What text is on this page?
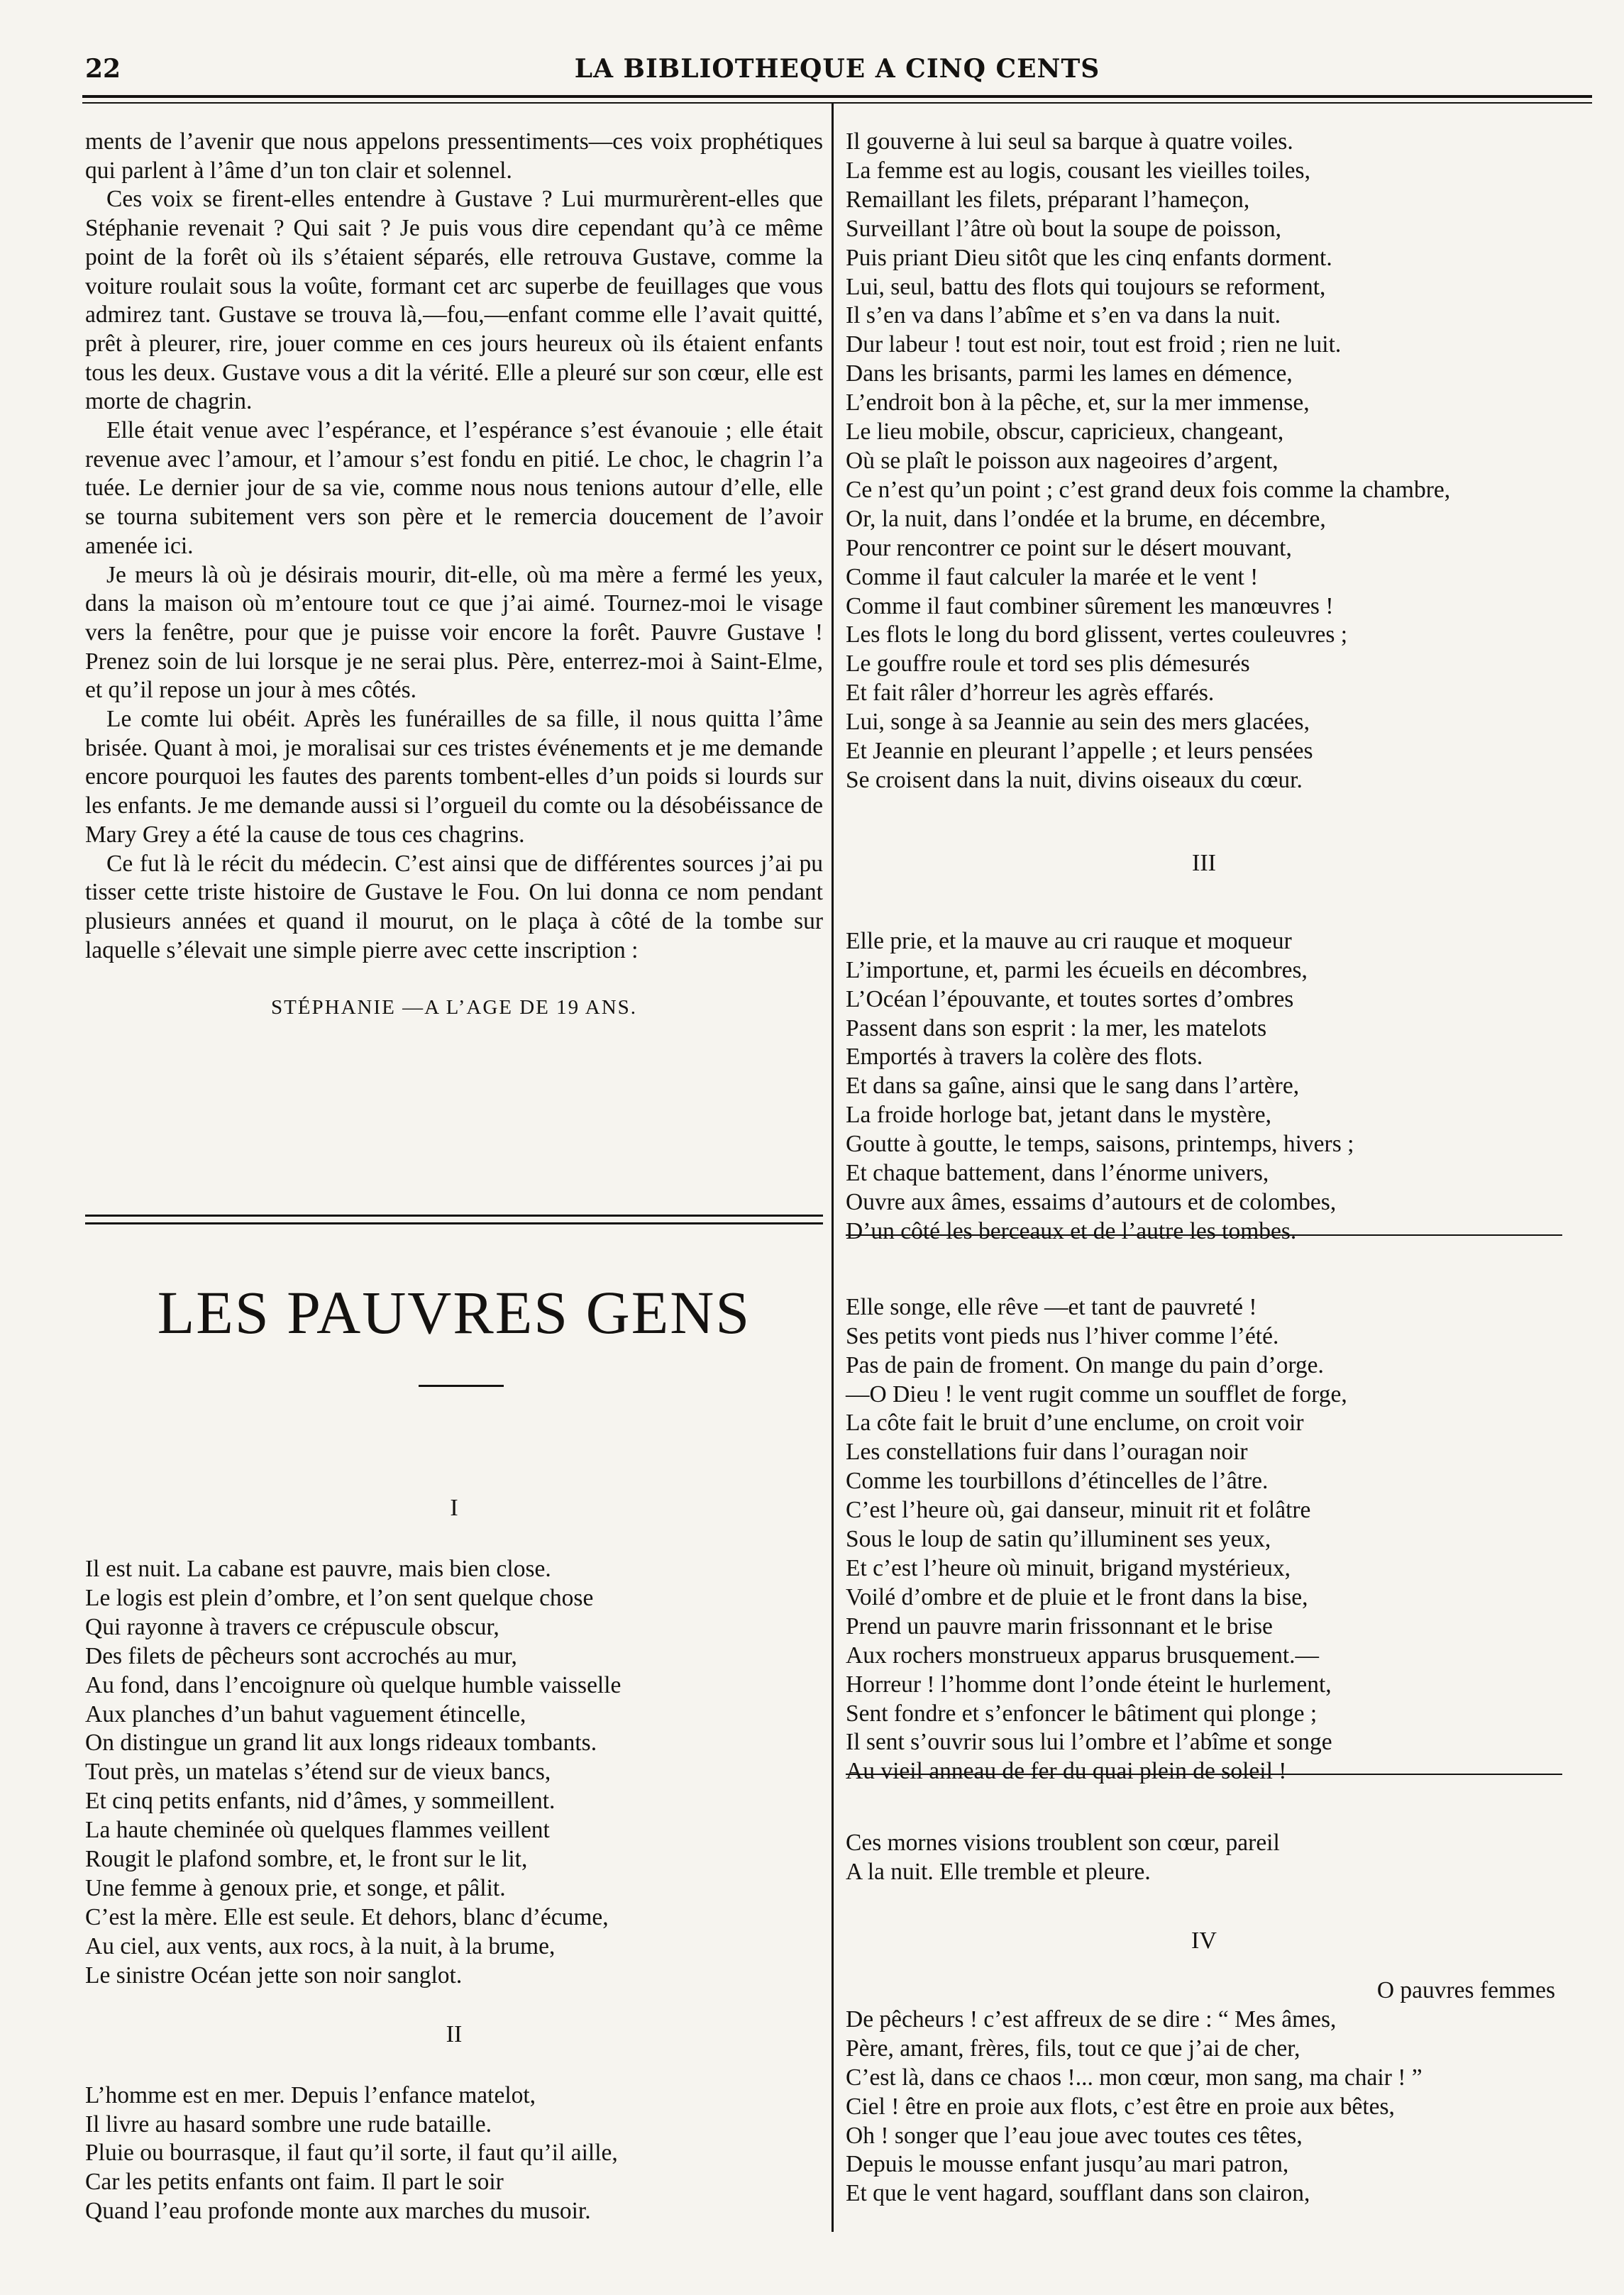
22	LA BIBLIOTHEQUE A CINQ CENTS

ments de l’avenir que nous appelons pressentiments—ces voix prophétiques qui parlent à l’âme d’un ton clair et solennel.

Ces voix se firent-elles entendre à Gustave ? Lui murmurèrent-elles que Stéphanie revenait ? Qui sait ? Je puis vous dire cependant qu’à ce même point de la forêt où ils s’étaient séparés, elle retrouva Gustave, comme la voiture roulait sous la voûte, formant cet arc superbe de feuillages que vous admirez tant. Gustave se trouva là,—fou,—enfant comme elle l’avait quitté, prêt à pleurer, rire, jouer comme en ces jours heureux où ils étaient enfants tous les deux. Gustave vous a dit la vérité. Elle a pleuré sur son cœur, elle est morte de chagrin.

Elle était venue avec l’espérance, et l’espérance s’est évanouie ; elle était revenue avec l’amour, et l’amour s’est fondu en pitié. Le choc, le chagrin l’a tuée. Le dernier jour de sa vie, comme nous nous tenions autour d’elle, elle se tourna subitement vers son père et le remercia doucement de l’avoir amenée ici.

Je meurs là où je désirais mourir, dit-elle, où ma mère a fermé les yeux, dans la maison où m’entoure tout ce que j’ai aimé. Tournez-moi le visage vers la fenêtre, pour que je puisse voir encore la forêt. Pauvre Gustave ! Prenez soin de lui lorsque je ne serai plus. Père, enterrez-moi à Saint-Elme, et qu’il repose un jour à mes côtés.

Le comte lui obéit. Après les funérailles de sa fille, il nous quitta l’âme brisée. Quant à moi, je moralisai sur ces tristes événements et je me demande encore pourquoi les fautes des parents tombent-elles d’un poids si lourds sur les enfants. Je me demande aussi si l’orgueil du comte ou la désobéissance de Mary Grey a été la cause de tous ces chagrins.

Ce fut là le récit du médecin. C’est ainsi que de différentes sources j’ai pu tisser cette triste histoire de Gustave le Fou. On lui donna ce nom pendant plusieurs années et quand il mourut, on le plaça à côté de la tombe sur laquelle s’élevait une simple pierre avec cette inscription :

STÉPHANIE —A L’AGE DE 19 ANS.
LES PAUVRES GENS
I
Il est nuit. La cabane est pauvre, mais bien close.
Le logis est plein d’ombre, et l’on sent quelque chose
Qui rayonne à travers ce crépuscule obscur,
Des filets de pêcheurs sont accrochés au mur,
Au fond, dans l’encoignure où quelque humble vaisselle
Aux planches d’un bahut vaguement étincelle,
On distingue un grand lit aux longs rideaux tombants.
Tout près, un matelas s’étend sur de vieux bancs,
Et cinq petits enfants, nid d’âmes, y sommeillent.
La haute cheminée où quelques flammes veillent
Rougit le plafond sombre, et, le front sur le lit,
Une femme à genoux prie, et songe, et pâlit.
C’est la mère. Elle est seule. Et dehors, blanc d’écume,
Au ciel, aux vents, aux rocs, à la nuit, à la brume,
Le sinistre Océan jette son noir sanglot.
II
L’homme est en mer. Depuis l’enfance matelot,
Il livre au hasard sombre une rude bataille.
Pluie ou bourrasque, il faut qu’il sorte, il faut qu’il aille,
Car les petits enfants ont faim. Il part le soir
Quand l’eau profonde monte aux marches du musoir.
Il gouverne à lui seul sa barque à quatre voiles.
La femme est au logis, cousant les vieilles toiles,
Remaillant les filets, préparant l’hameçon,
Surveillant l’âtre où bout la soupe de poisson,
Puis priant Dieu sitôt que les cinq enfants dorment.
Lui, seul, battu des flots qui toujours se reforment,
Il s’en va dans l’abîme et s’en va dans la nuit.
Dur labeur ! tout est noir, tout est froid ; rien ne luit.
Dans les brisants, parmi les lames en démence,
L’endroit bon à la pêche, et, sur la mer immense,
Le lieu mobile, obscur, capricieux, changeant,
Où se plaît le poisson aux nageoires d’argent,
Ce n’est qu’un point ; c’est grand deux fois comme la chambre,
Or, la nuit, dans l’ondée et la brume, en décembre,
Pour rencontrer ce point sur le désert mouvant,
Comme il faut calculer la marée et le vent !
Comme il faut combiner sûrement les manœuvres !
Les flots le long du bord glissent, vertes couleuvres ;
Le gouffre roule et tord ses plis démesurés
Et fait râler d’horreur les agrès effarés.
Lui, songe à sa Jeannie au sein des mers glacées,
Et Jeannie en pleurant l’appelle ; et leurs pensées
Se croisent dans la nuit, divins oiseaux du cœur.
III
Elle prie, et la mauve au cri rauque et moqueur
L’importune, et, parmi les écueils en décombres,
L’Océan l’épouvante, et toutes sortes d’ombres
Passent dans son esprit : la mer, les matelots
Emportés à travers la colère des flots.
Et dans sa gaîne, ainsi que le sang dans l’artère,
La froide horloge bat, jetant dans le mystère,
Goutte à goutte, le temps, saisons, printemps, hivers ;
Et chaque battement, dans l’énorme univers,
Ouvre aux âmes, essaims d’autours et de colombes,
D’un côté les berceaux et de l’autre les tombes.
Elle songe, elle rêve —et tant de pauvreté !
Ses petits vont pieds nus l’hiver comme l’été.
Pas de pain de froment. On mange du pain d’orge.
—O Dieu ! le vent rugit comme un soufflet de forge,
La côte fait le bruit d’une enclume, on croit voir
Les constellations fuir dans l’ouragan noir
Comme les tourbillons d’étincelles de l’âtre.
C’est l’heure où, gai danseur, minuit rit et folâtre
Sous le loup de satin qu’illuminent ses yeux,
Et c’est l’heure où minuit, brigand mystérieux,
Voilé d’ombre et de pluie et le front dans la bise,
Prend un pauvre marin frissonnant et le brise
Aux rochers monstrueux apparus brusquement.—
Horreur ! l’homme dont l’onde éteint le hurlement,
Sent fondre et s’enfoncer le bâtiment qui plonge ;
Il sent s’ouvrir sous lui l’ombre et l’abîme et songe
Au vieil anneau de fer du quai plein de soleil !
Ces mornes visions troublent son cœur, pareil
A la nuit. Elle tremble et pleure.
IV
O pauvres femmes
De pêcheurs ! c’est affreux de se dire : “ Mes âmes,
Père, amant, frères, fils, tout ce que j’ai de cher,
C’est là, dans ce chaos !... mon cœur, mon sang, ma chair ! ”
Ciel ! être en proie aux flots, c’est être en proie aux bêtes,
Oh ! songer que l’eau joue avec toutes ces têtes,
Depuis le mousse enfant jusqu’au mari patron,
Et que le vent hagard, soufflant dans son clairon,
